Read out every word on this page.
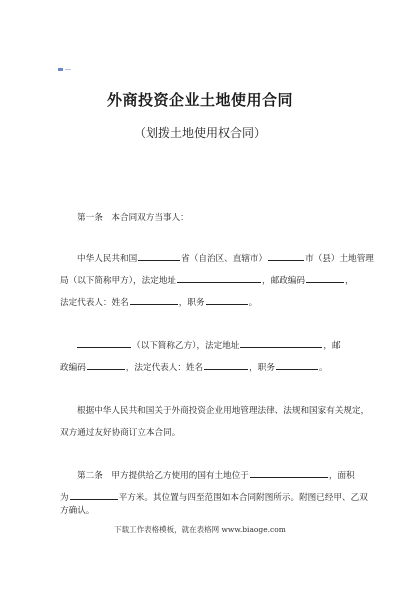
外商投资企业土地使用合同
（划拨土地使用权合同）
第一条　本合同双方当事人：
中华人民共和国	省（自治区、直辖市）	市（县）土地管理
局（以下简称甲方），法定地址	，邮政编码	，
法定代表人：姓名	，职务	。
（以下简称乙方），法定地址	，邮
政编码	，法定代表人：姓名	，职务	。
根据中华人民共和国关于外商投资企业用地管理法律、法规和国家有关规定，
双方通过友好协商订立本合同。
第二条　甲方提供给乙方使用的国有土地位于	，面积
为	平方米。其位置与四至范围如本合同附图所示。附图已经甲、乙双
下载工作表格模板，就在表格网 www.biaoge.com
方确认。
